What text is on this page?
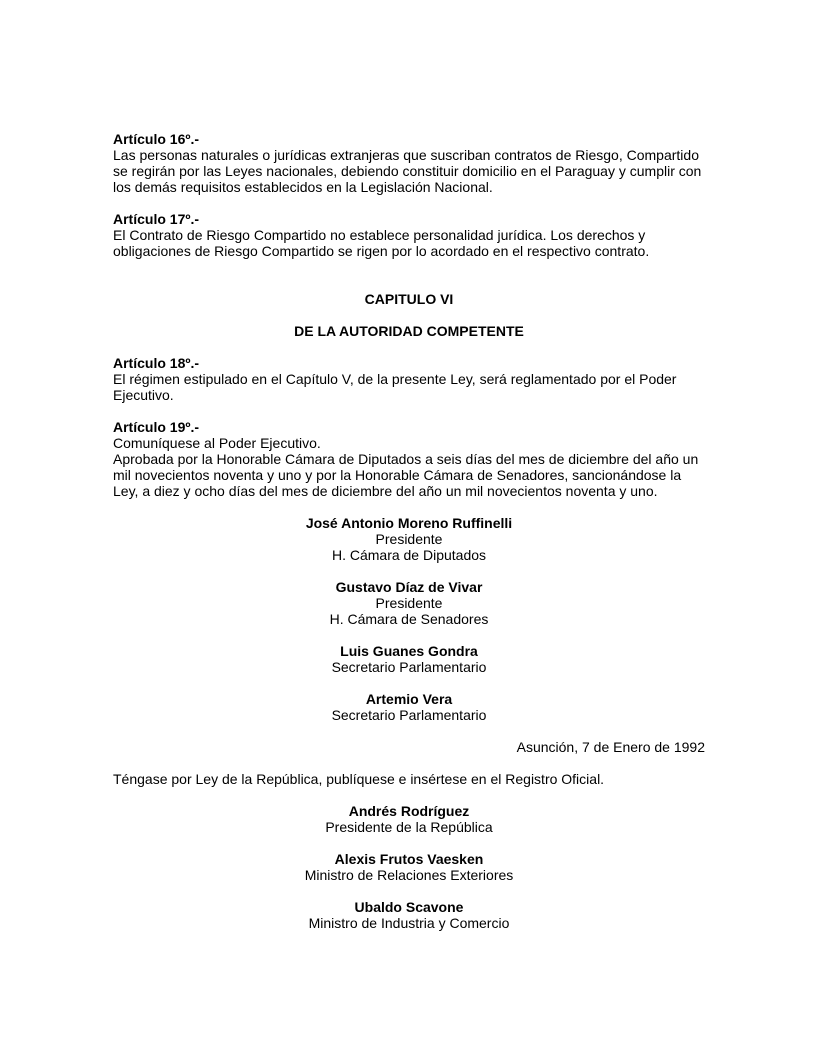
Artículo 16º.-
Las personas naturales o jurídicas extranjeras que suscriban contratos de Riesgo, Compartido
se regirán por las Leyes nacionales, debiendo constituir domicilio en el Paraguay y cumplir con
los demás requisitos establecidos en la Legislación Nacional.
Artículo 17º.-
El Contrato de Riesgo Compartido no establece personalidad jurídica. Los derechos y
obligaciones de Riesgo Compartido se rigen por lo acordado en el respectivo contrato.
CAPITULO VI
DE LA AUTORIDAD COMPETENTE
Artículo 18º.-
El régimen estipulado en el Capítulo V, de la presente Ley, será reglamentado por el Poder
Ejecutivo.
Artículo 19º.-
Comuníquese al Poder Ejecutivo.
Aprobada por la Honorable Cámara de Diputados a seis días del mes de diciembre del año un
mil novecientos noventa y uno y por la Honorable Cámara de Senadores, sancionándose la
Ley, a diez y ocho días del mes de diciembre del año un mil novecientos noventa y uno.
José Antonio Moreno Ruffinelli
Presidente
H. Cámara de Diputados
Gustavo Díaz de Vivar
Presidente
H. Cámara de Senadores
Luis Guanes Gondra
Secretario Parlamentario
Artemio Vera
Secretario Parlamentario
Asunción, 7 de Enero de 1992
Téngase por Ley de la República, publíquese e insértese en el Registro Oficial.
Andrés Rodríguez
Presidente de la República
Alexis Frutos Vaesken
Ministro de Relaciones Exteriores
Ubaldo Scavone
Ministro de Industria y Comercio
